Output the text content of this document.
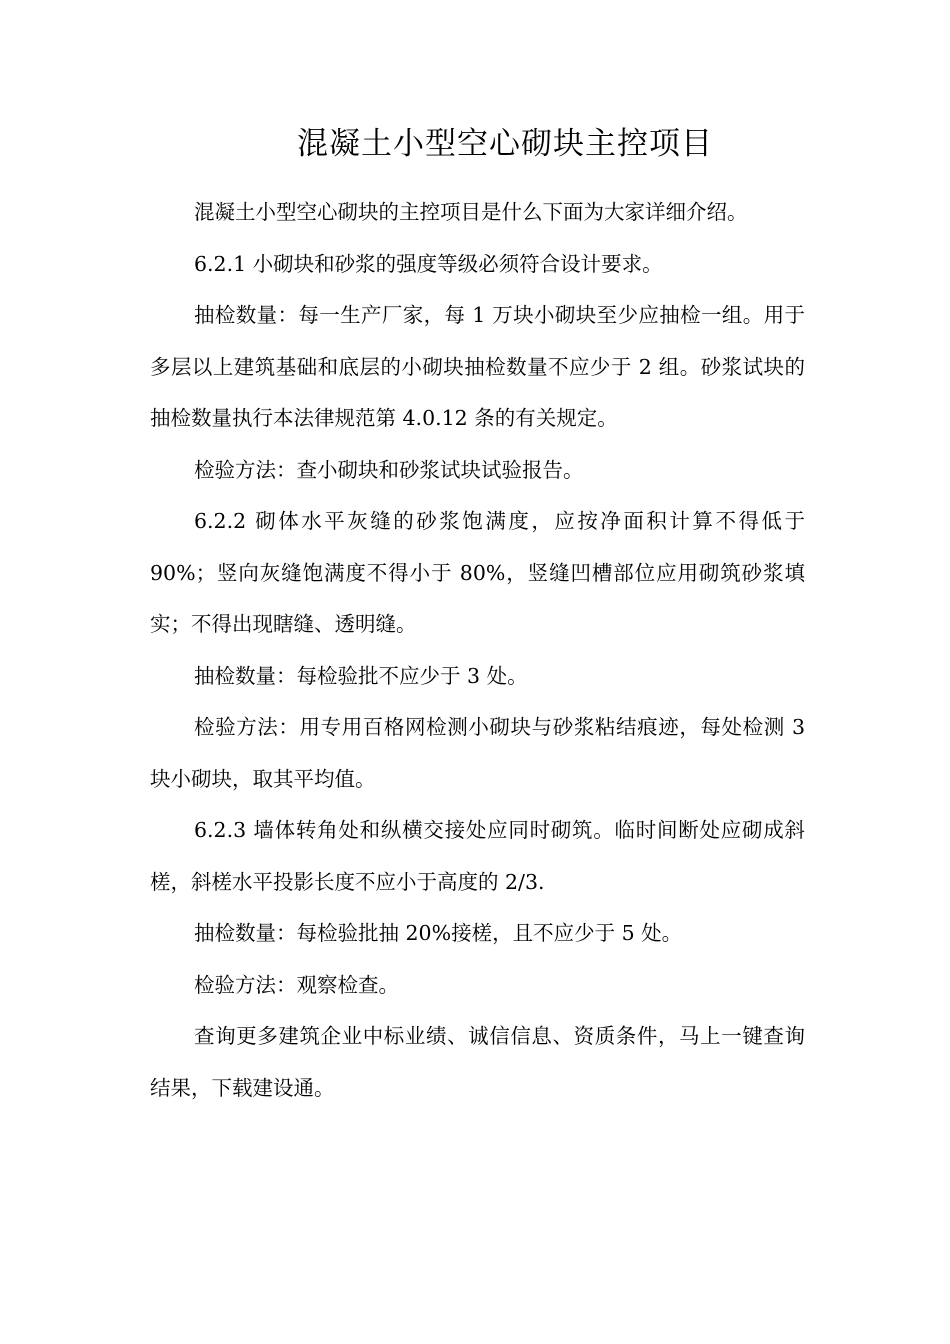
混凝土小型空心砌块主控项目

混凝土小型空心砌块的主控项目是什么下面为大家详细介绍。

6.2.1 小砌块和砂浆的强度等级必须符合设计要求。

抽检数量：每一生产厂家，每 1 万块小砌块至少应抽检一组。用于多层以上建筑基础和底层的小砌块抽检数量不应少于 2 组。砂浆试块的抽检数量执行本法律规范第 4.0.12 条的有关规定。

检验方法：查小砌块和砂浆试块试验报告。

6.2.2 砌体水平灰缝的砂浆饱满度，应按净面积计算不得低于 90%；竖向灰缝饱满度不得小于 80%，竖缝凹槽部位应用砌筑砂浆填实；不得出现瞎缝、透明缝。

抽检数量：每检验批不应少于 3 处。

检验方法：用专用百格网检测小砌块与砂浆粘结痕迹，每处检测 3 块小砌块，取其平均值。

6.2.3 墙体转角处和纵横交接处应同时砌筑。临时间断处应砌成斜槎，斜槎水平投影长度不应小于高度的 2/3.

抽检数量：每检验批抽 20%接槎，且不应少于 5 处。

检验方法：观察检查。

查询更多建筑企业中标业绩、诚信信息、资质条件，马上一键查询结果，下载建设通。
